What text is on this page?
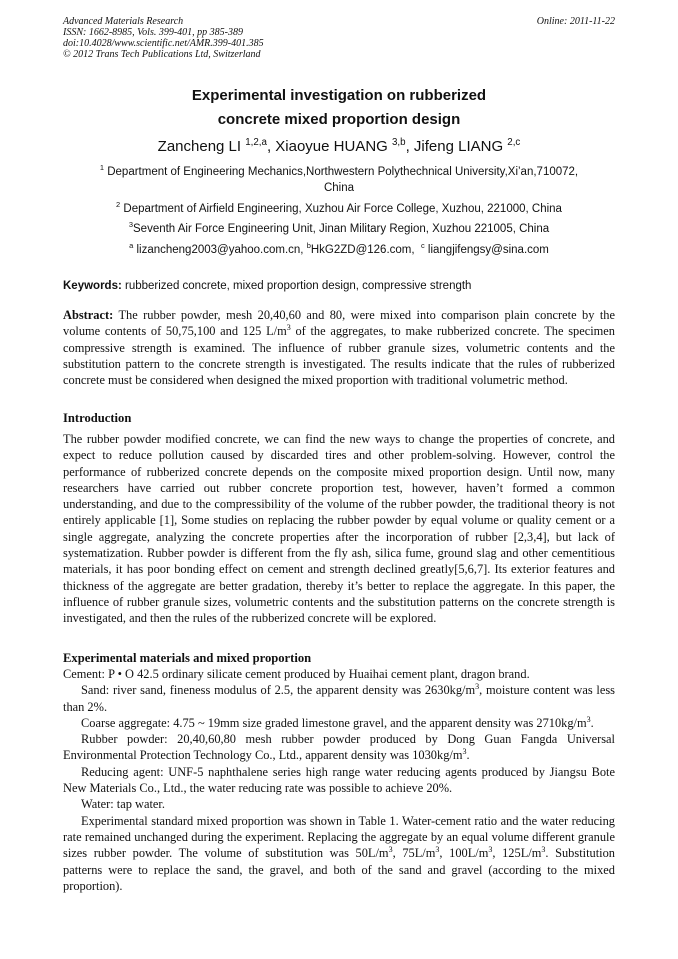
Advanced Materials Research
ISSN: 1662-8985, Vols. 399-401, pp 385-389
doi:10.4028/www.scientific.net/AMR.399-401.385
© 2012 Trans Tech Publications Ltd, Switzerland
Online: 2011-11-22
Experimental investigation on rubberized
concrete mixed proportion design
Zancheng LI $^{1,2,a}$, Xiaoyue HUANG $^{3,b}$, Jifeng LIANG $^{2,c}$
$^1$ Department of Engineering Mechanics,Northwestern Polythechnical University,Xi’an,710072,
China
$^2$ Department of Airfield Engineering, Xuzhou Air Force College, Xuzhou, 221000, China
$^3$Seventh Air Force Engineering Unit, Jinan Military Region, Xuzhou 221005, China
$^a$ lizancheng2003@yahoo.com.cn, $^b$HkG2ZD@126.com, $^c$ liangjifengsy@sina.com
Keywords: rubberized concrete, mixed proportion design, compressive strength

Abstract: The rubber powder, mesh 20,40,60 and 80, were mixed into comparison plain concrete by the volume contents of 50,75,100 and 125 $L/m^3$ of the aggregates, to make rubberized concrete. The specimen compressive strength is examined. The influence of rubber granule sizes, volumetric contents and the substitution pattern to the concrete strength is investigated. The results indicate that the rules of rubberized concrete must be considered when designed the mixed proportion with traditional volumetric method.

Introduction

The rubber powder modified concrete, we can find the new ways to change the properties of concrete, and expect to reduce pollution caused by discarded tires and other problem-solving. However, control the performance of rubberized concrete depends on the composite mixed proportion design. Until now, many researchers have carried out rubber concrete proportion test, however, haven’t formed a common understanding, and due to the compressibility of the volume of the rubber powder, the traditional theory is not entirely applicable [1], Some studies on replacing the rubber powder by equal volume or quality cement or a single aggregate, analyzing the concrete properties after the incorporation of rubber [2,3,4], but lack of systematization. Rubber powder is different from the fly ash, silica fume, ground slag and other cementitious materials, it has poor bonding effect on cement and strength declined greatly[5,6,7]. Its exterior features and thickness of the aggregate are better gradation, thereby it’s better to replace the aggregate. In this paper, the influence of rubber granule sizes, volumetric contents and the substitution patterns on the concrete strength is investigated, and then the rules of the rubberized concrete will be explored.

Experimental materials and mixed proportion

Cement: P • O 42.5 ordinary silicate cement produced by Huaihai cement plant, dragon brand.

Sand: river sand, fineness modulus of 2.5, the apparent density was $2630kg/m^3$, moisture content was less than 2%.

Coarse aggregate: 4.75 ~ 19mm size graded limestone gravel, and the apparent density was $2710kg/m^3$.

Rubber powder: 20,40,60,80 mesh rubber powder produced by Dong Guan Fangda Universal Environmental Protection Technology Co., Ltd., apparent density was $1030kg/m^3$.

Reducing agent: UNF-5 naphthalene series high range water reducing agents produced by Jiangsu Bote New Materials Co., Ltd., the water reducing rate was possible to achieve 20%.

Water: tap water.

Experimental standard mixed proportion was shown in Table 1. Water-cement ratio and the water reducing rate remained unchanged during the experiment. Replacing the aggregate by an equal volume different granule sizes rubber powder. The volume of substitution was $50L/m^3$, $75L/m^3$, $100L/m^3$, $125L/m^3$. Substitution patterns were to replace the sand, the gravel, and both of the sand and gravel (according to the mixed proportion).
